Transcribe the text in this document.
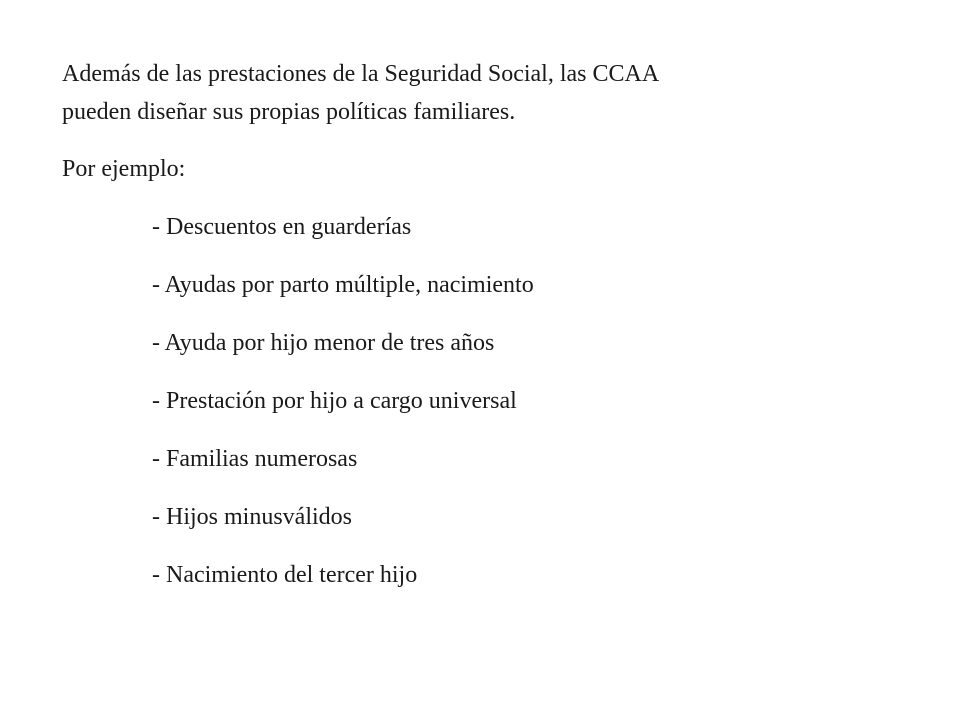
Además de las prestaciones de la Seguridad Social, las CCAA
pueden diseñar sus propias políticas familiares.

Por ejemplo:

- Descuentos en guarderías
- Ayudas por parto múltiple, nacimiento
- Ayuda por hijo menor de tres años
- Prestación por hijo a cargo universal
- Familias numerosas
- Hijos minusválidos
- Nacimiento del tercer hijo
